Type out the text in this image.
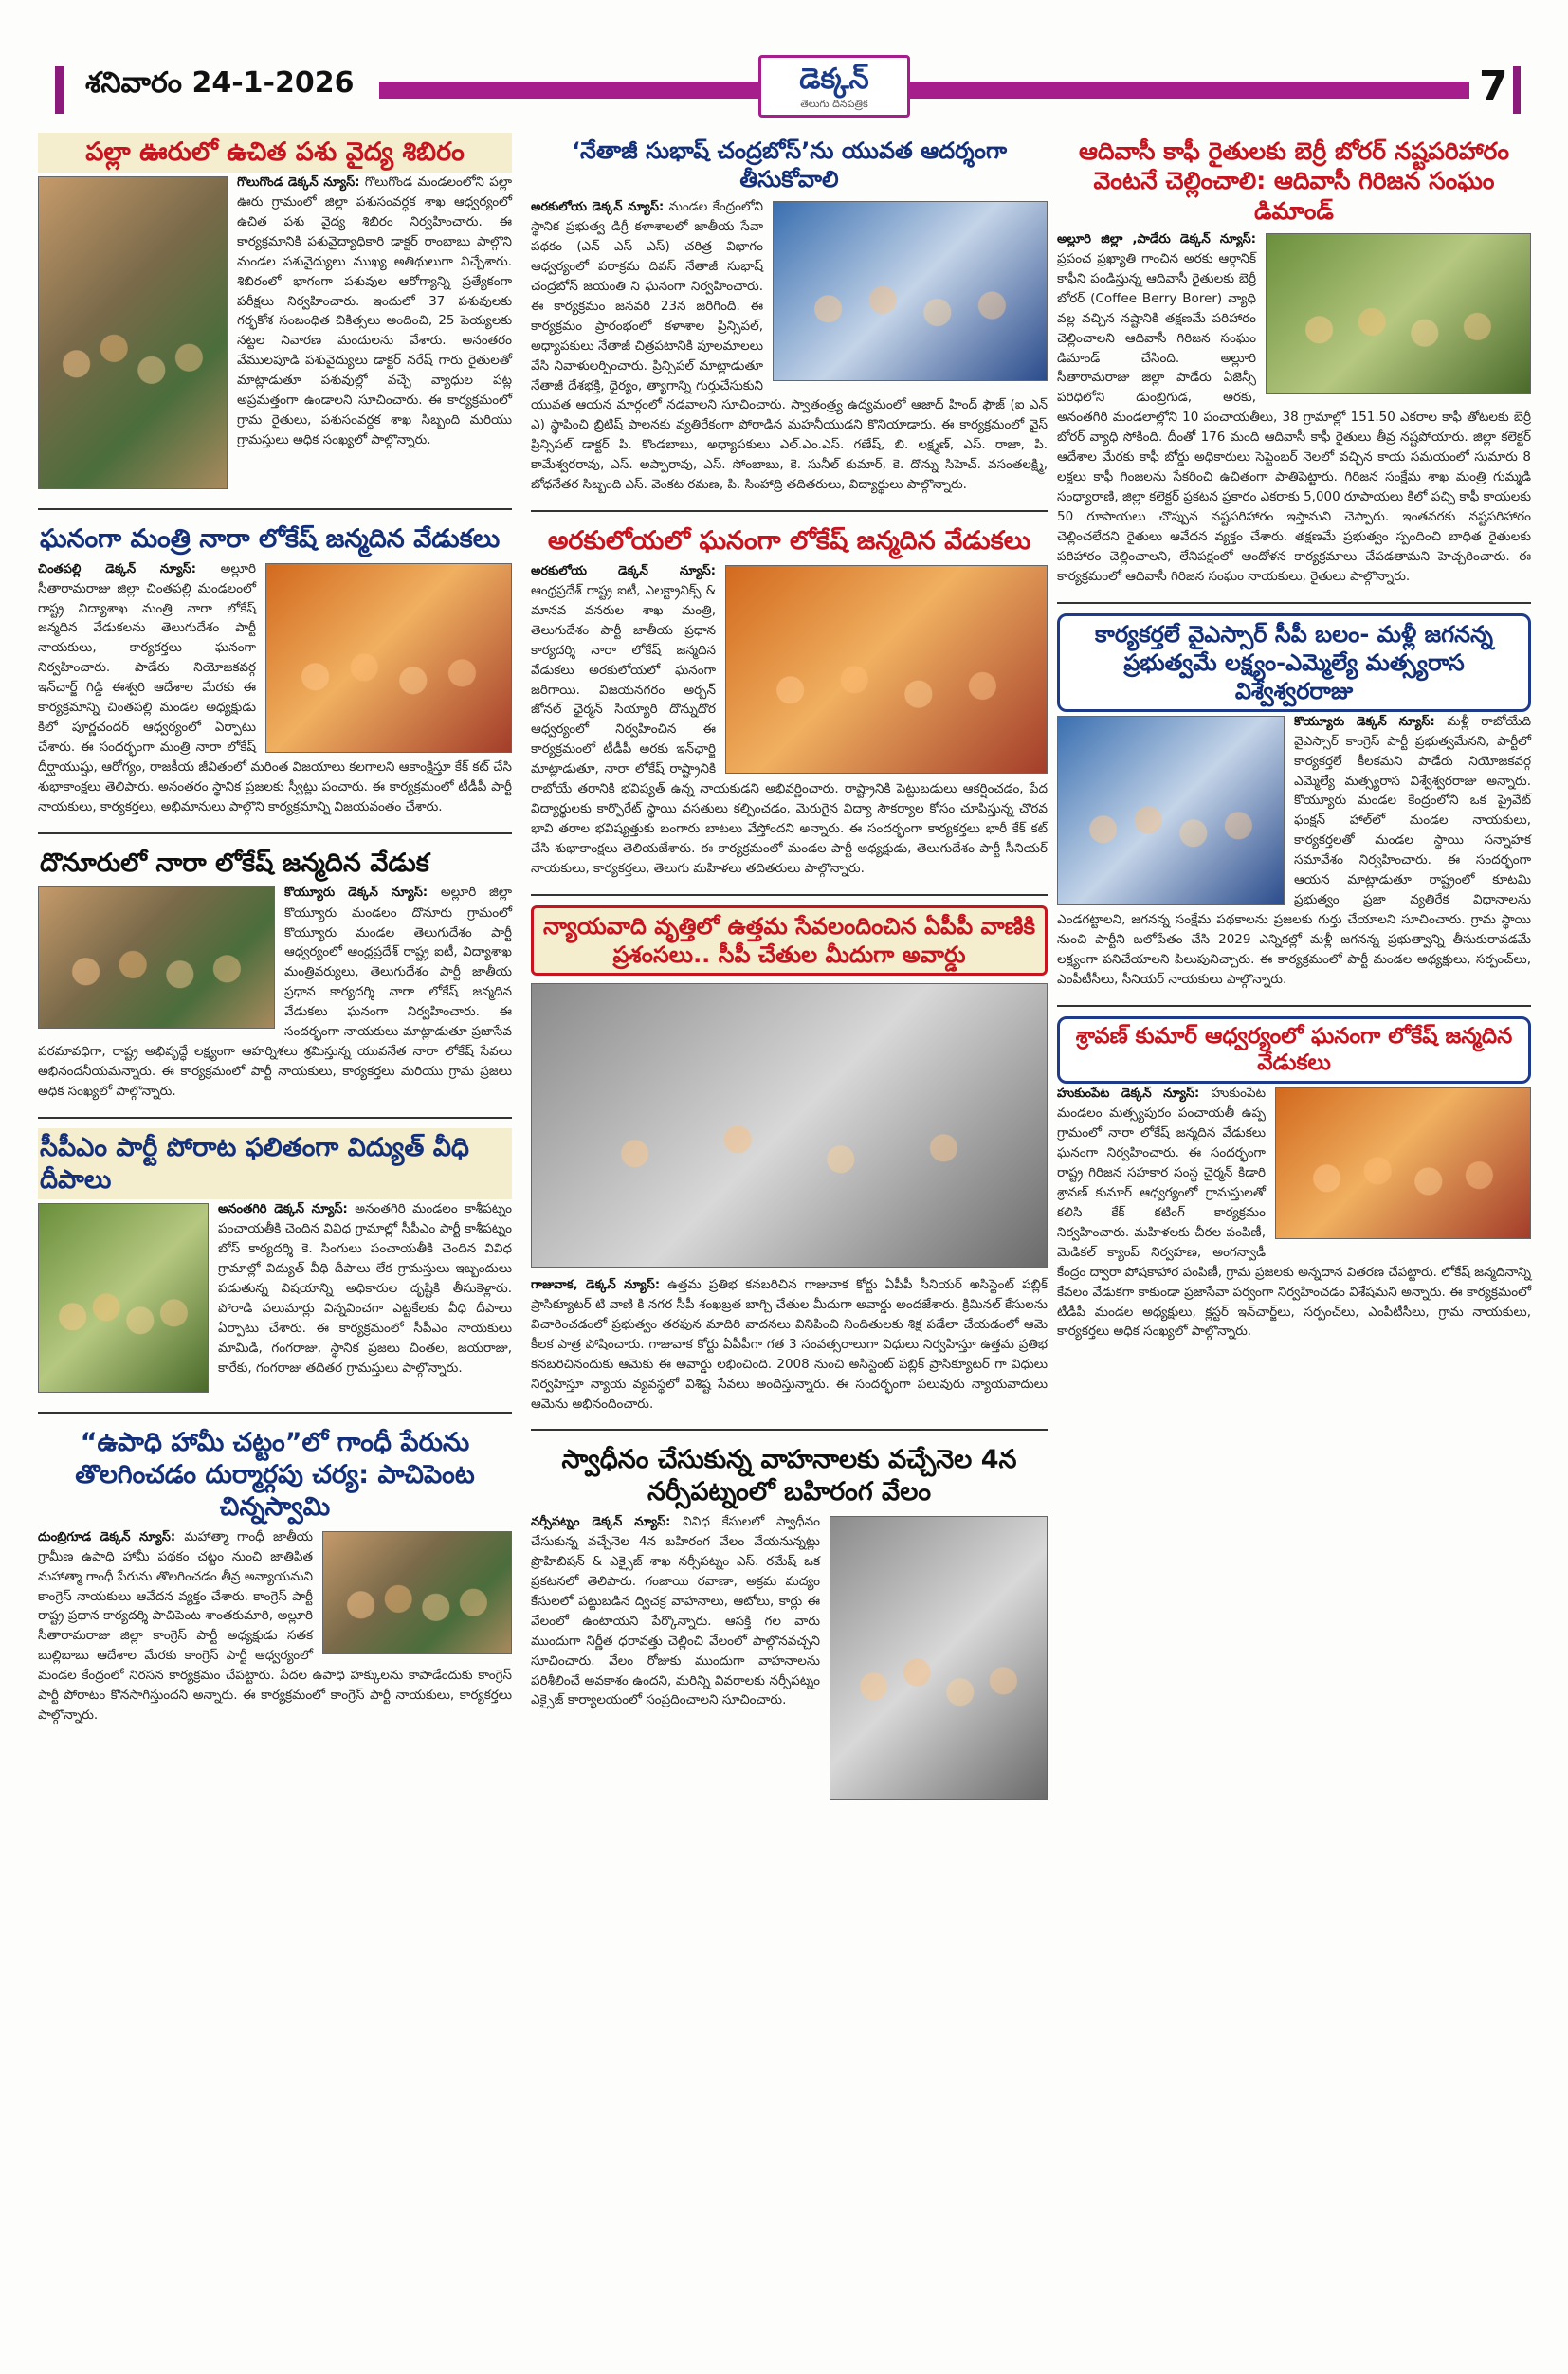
శనివారం 24-1-2026	డెక్కన్
తెలుగు దినపత్రిక	7
పల్లా ఊరులో ఉచిత పశు వైద్య శిబిరం
గొలుగొండ డెక్కన్ న్యూస్: గొలుగొండ మండలంలోని పల్లా ఊరు గ్రామంలో జిల్లా పశుసంవర్ధక శాఖ ఆధ్వర్యంలో ఉచిత పశు వైద్య శిబిరం నిర్వహించారు. ఈ కార్యక్రమానికి పశువైద్యాధికారి డాక్టర్ రాంబాబు పాల్గొని మండల పశువైద్యులు ముఖ్య అతిథులుగా విచ్చేశారు. శిబిరంలో భాగంగా పశువుల ఆరోగ్యాన్ని ప్రత్యేకంగా పరీక్షలు నిర్వహించారు. ఇందులో 37 పశువులకు గర్భకోశ సంబంధిత చికిత్సలు అందించి, 25 పెయ్యలకు నట్టల నివారణ మందులను వేశారు. అనంతరం వేములపూడి పశువైద్యులు డాక్టర్ నరేష్ గారు రైతులతో మాట్లాడుతూ పశువుల్లో వచ్చే వ్యాధుల పట్ల అప్రమత్తంగా ఉండాలని సూచించారు. ఈ కార్యక్రమంలో గ్రామ రైతులు, పశుసంవర్ధక శాఖ సిబ్బంది మరియు గ్రామస్తులు అధిక సంఖ్యలో పాల్గొన్నారు.
ఘనంగా మంత్రి నారా లోకేష్ జన్మదిన వేడుకలు
చింతపల్లి డెక్కన్ న్యూస్: అల్లూరి సీతారామరాజు జిల్లా చింతపల్లి మండలంలో రాష్ట్ర విద్యాశాఖ మంత్రి నారా లోకేష్ జన్మదిన వేడుకలను తెలుగుదేశం పార్టీ నాయకులు, కార్యకర్తలు ఘనంగా నిర్వహించారు. పాడేరు నియోజకవర్గ ఇన్‌చార్జ్ గిడ్డి ఈశ్వరి ఆదేశాల మేరకు ఈ కార్యక్రమాన్ని చింతపల్లి మండల అధ్యక్షుడు కిలో పూర్ణచందర్ ఆధ్వర్యంలో ఏర్పాటు చేశారు. ఈ సందర్భంగా మంత్రి నారా లోకేష్ దీర్ఘాయుష్షు, ఆరోగ్యం, రాజకీయ జీవితంలో మరింత విజయాలు కలగాలని ఆకాంక్షిస్తూ కేక్ కట్ చేసి శుభాకాంక్షలు తెలిపారు. అనంతరం స్థానిక ప్రజలకు స్వీట్లు పంచారు. ఈ కార్యక్రమంలో టీడీపీ పార్టీ నాయకులు, కార్యకర్తలు, అభిమానులు పాల్గొని కార్యక్రమాన్ని విజయవంతం చేశారు.
దొనూరులో నారా లోకేష్ జన్మదిన వేడుక
కొయ్యూరు డెక్కన్ న్యూస్: అల్లూరి జిల్లా కొయ్యూరు మండలం దొనూరు గ్రామంలో కొయ్యూరు మండల తెలుగుదేశం పార్టీ ఆధ్వర్యంలో ఆంధ్రప్రదేశ్ రాష్ట్ర ఐటీ, విద్యాశాఖ మంత్రివర్యులు, తెలుగుదేశం పార్టీ జాతీయ ప్రధాన కార్యదర్శి నారా లోకేష్ జన్మదిన వేడుకలు ఘనంగా నిర్వహించారు. ఈ సందర్భంగా నాయకులు మాట్లాడుతూ ప్రజాసేవ పరమావధిగా, రాష్ట్ర అభివృద్ధే లక్ష్యంగా ఆహర్నిశలు శ్రమిస్తున్న యువనేత నారా లోకేష్ సేవలు అభినందనీయమన్నారు. ఈ కార్యక్రమంలో పార్టీ నాయకులు, కార్యకర్తలు మరియు గ్రామ ప్రజలు అధిక సంఖ్యలో పాల్గొన్నారు.
సీపీఎం పార్టీ పోరాట ఫలితంగా విద్యుత్ వీధి దీపాలు
అనంతగిరి డెక్కన్ న్యూస్: అనంతగిరి మండలం కాశీపట్నం పంచాయతీకి చెందిన వివిధ గ్రామాల్లో సీపీఎం పార్టీ కాశీపట్నం బోస్ కార్యదర్శి కె. సింగులు పంచాయతీకి చెందిన వివిధ గ్రామాల్లో విద్యుత్ వీధి దీపాలు లేక గ్రామస్తులు ఇబ్బందులు పడుతున్న విషయాన్ని అధికారుల దృష్టికి తీసుకెళ్లారు. పోరాడి పలుమార్లు విన్నవించగా ఎట్టకేలకు వీధి దీపాలు ఏర్పాటు చేశారు. ఈ కార్యక్రమంలో సీపీఎం నాయకులు మామిడి, గంగరాజు, స్థానిక ప్రజలు చింతల, జయరాజు, కారేకు, గంగరాజు తదితర గ్రామస్తులు పాల్గొన్నారు.
“ఉపాధి హామీ చట్టం”లో గాంధీ పేరును తొలగించడం దుర్మార్గపు చర్య: పాచిపెంట చిన్నస్వామి
దుంబ్రిగూడ డెక్కన్ న్యూస్: మహాత్మా గాంధీ జాతీయ గ్రామీణ ఉపాధి హామీ పథకం చట్టం నుంచి జాతిపిత మహాత్మా గాంధీ పేరును తొలగించడం తీవ్ర అన్యాయమని కాంగ్రెస్ నాయకులు ఆవేదన వ్యక్తం చేశారు. కాంగ్రెస్ పార్టీ రాష్ట్ర ప్రధాన కార్యదర్శి పాచిపెంట శాంతకుమారి, అల్లూరి సీతారామరాజు జిల్లా కాంగ్రెస్ పార్టీ అధ్యక్షుడు సతక బుల్లిబాబు ఆదేశాల మేరకు కాంగ్రెస్ పార్టీ ఆధ్వర్యంలో మండల కేంద్రంలో నిరసన కార్యక్రమం చేపట్టారు. పేదల ఉపాధి హక్కులను కాపాడేందుకు కాంగ్రెస్ పార్టీ పోరాటం కొనసాగిస్తుందని అన్నారు. ఈ కార్యక్రమంలో కాంగ్రెస్ పార్టీ నాయకులు, కార్యకర్తలు పాల్గొన్నారు.
‘నేతాజీ సుభాష్ చంద్రబోస్’ను యువత ఆదర్శంగా తీసుకోవాలి
అరకులోయ డెక్కన్ న్యూస్: మండల కేంద్రంలోని స్థానిక ప్రభుత్వ డిగ్రీ కళాశాలలో జాతీయ సేవా పథకం (ఎన్ ఎస్ ఎస్) చరిత్ర విభాగం ఆధ్వర్యంలో పరాక్రమ దివస్ నేతాజీ సుభాష్ చంద్రబోస్ జయంతి ని ఘనంగా నిర్వహించారు. ఈ కార్యక్రమం జనవరి 23న జరిగింది. ఈ కార్యక్రమం ప్రారంభంలో కళాశాల ప్రిన్సిపల్, అధ్యాపకులు నేతాజీ చిత్రపటానికి పూలమాలలు వేసి నివాళులర్పించారు. ప్రిన్సిపల్ మాట్లాడుతూ నేతాజీ దేశభక్తి, ధైర్యం, త్యాగాన్ని గుర్తుచేసుకుని యువత ఆయన మార్గంలో నడవాలని సూచించారు. స్వాతంత్ర్య ఉద్యమంలో ఆజాద్ హింద్ ఫౌజ్ (ఐ ఎన్ ఎ) స్థాపించి బ్రిటిష్ పాలనకు వ్యతిరేకంగా పోరాడిన మహనీయుడని కొనియాడారు. ఈ కార్యక్రమంలో వైస్ ప్రిన్సిపల్ డాక్టర్ పి. కొండబాబు, అధ్యాపకులు ఎల్.ఎం.ఎస్. గణేష్, బి. లక్ష్మణ్, ఎస్. రాజా, పి. కామేశ్వరరావు, ఎస్. అప్పారావు, ఎస్. సోంబాబు, కె. సునీల్ కుమార్, కె. దొన్ను సిహెచ్. వసంతలక్ష్మి, బోధనేతర సిబ్బంది ఎస్. వెంకట రమణ, పి. సింహాద్రి తదితరులు, విద్యార్థులు పాల్గొన్నారు.
అరకులోయలో ఘనంగా లోకేష్ జన్మదిన వేడుకలు
అరకులోయ డెక్కన్ న్యూస్: ఆంధ్రప్రదేశ్ రాష్ట్ర ఐటీ, ఎలక్ట్రానిక్స్ & మానవ వనరుల శాఖ మంత్రి, తెలుగుదేశం పార్టీ జాతీయ ప్రధాన కార్యదర్శి నారా లోకేష్ జన్మదిన వేడుకలు అరకులోయలో ఘనంగా జరిగాయి. విజయనగరం అర్బన్ జోనల్ ఛైర్మన్ సియ్యారి దొన్నుదొర ఆధ్వర్యంలో నిర్వహించిన ఈ కార్యక్రమంలో టీడీపీ అరకు ఇన్‌ఛార్జి మాట్లాడుతూ, నారా లోకేష్ రాష్ట్రానికి రాబోయే తరానికి భవిష్యత్ ఉన్న నాయకుడని అభివర్ణించారు. రాష్ట్రానికి పెట్టుబడులు ఆకర్షించడం, పేద విద్యార్థులకు కార్పొరేట్ స్థాయి వసతులు కల్పించడం, మెరుగైన విద్యా సౌకర్యాల కోసం చూపిస్తున్న చొరవ భావి తరాల భవిష్యత్తుకు బంగారు బాటలు వేస్తోందని అన్నారు. ఈ సందర్భంగా కార్యకర్తలు భారీ కేక్ కట్ చేసి శుభాకాంక్షలు తెలియజేశారు. ఈ కార్యక్రమంలో మండల పార్టీ అధ్యక్షుడు, తెలుగుదేశం పార్టీ సీనియర్ నాయకులు, కార్యకర్తలు, తెలుగు మహిళలు తదితరులు పాల్గొన్నారు.
న్యాయవాది వృత్తిలో ఉత్తమ సేవలందించిన ఏపీపీ వాణికి ప్రశంసలు.. సీపీ చేతుల మీదుగా అవార్డు
గాజువాక, డెక్కన్ న్యూస్: ఉత్తమ ప్రతిభ కనబరిచిన గాజువాక కోర్టు ఏపీపీ సీనియర్ అసిస్టెంట్ పబ్లిక్ ప్రాసిక్యూటర్ టి వాణి కి నగర సీపీ శంఖబ్రత బాగ్చి చేతుల మీదుగా అవార్డు అందజేశారు. క్రిమినల్ కేసులను విచారించడంలో ప్రభుత్వం తరఫున మాదిరి వాదనలు వినిపించి నిందితులకు శిక్ష పడేలా చేయడంలో ఆమె కీలక పాత్ర పోషించారు. గాజువాక కోర్టు ఏపీపీగా గత 3 సంవత్సరాలుగా విధులు నిర్వహిస్తూ ఉత్తమ ప్రతిభ కనబరిచినందుకు ఆమెకు ఈ అవార్డు లభించింది. 2008 నుంచి అసిస్టెంట్ పబ్లిక్ ప్రాసిక్యూటర్ గా విధులు నిర్వహిస్తూ న్యాయ వ్యవస్థలో విశిష్ట సేవలు అందిస్తున్నారు. ఈ సందర్భంగా పలువురు న్యాయవాదులు ఆమెను అభినందించారు.
స్వాధీనం చేసుకున్న వాహనాలకు వచ్చేనెల 4న నర్సీపట్నంలో బహిరంగ వేలం
నర్సీపట్నం డెక్కన్ న్యూస్: వివిధ కేసులలో స్వాధీనం చేసుకున్న వచ్చేనెల 4న బహిరంగ వేలం వేయనున్నట్లు ప్రొహిబిషన్ & ఎక్సైజ్ శాఖ నర్సీపట్నం ఎస్. రమేష్ ఒక ప్రకటనలో తెలిపారు. గంజాయి రవాణా, అక్రమ మద్యం కేసులలో పట్టుబడిన ద్విచక్ర వాహనాలు, ఆటోలు, కార్లు ఈ వేలంలో ఉంటాయని పేర్కొన్నారు. ఆసక్తి గల వారు ముందుగా నిర్ణీత ధరావత్తు చెల్లించి వేలంలో పాల్గొనవచ్చని సూచించారు. వేలం రోజుకు ముందుగా వాహనాలను పరిశీలించే అవకాశం ఉందని, మరిన్ని వివరాలకు నర్సీపట్నం ఎక్సైజ్ కార్యాలయంలో సంప్రదించాలని సూచించారు.
ఆదివాసీ కాఫీ రైతులకు బెర్రీ బోరర్ నష్టపరిహారం వెంటనే చెల్లించాలి: ఆదివాసీ గిరిజన సంఘం డిమాండ్
అల్లూరి జిల్లా ,పాడేరు డెక్కన్ న్యూస్: ప్రపంచ ప్రఖ్యాతి గాంచిన అరకు ఆర్గానిక్ కాఫీని పండిస్తున్న ఆదివాసీ రైతులకు బెర్రీ బోరర్ (Coffee Berry Borer) వ్యాధి వల్ల వచ్చిన నష్టానికి తక్షణమే పరిహారం చెల్లించాలని ఆదివాసీ గిరిజన సంఘం డిమాండ్ చేసింది. అల్లూరి సీతారామరాజు జిల్లా పాడేరు ఏజెన్సీ పరిధిలోని డుంబ్రిగుడ, అరకు, అనంతగిరి మండలాల్లోని 10 పంచాయతీలు, 38 గ్రామాల్లో 151.50 ఎకరాల కాఫీ తోటలకు బెర్రీ బోరర్ వ్యాధి సోకింది. దీంతో 176 మంది ఆదివాసీ కాఫీ రైతులు తీవ్ర నష్టపోయారు. జిల్లా కలెక్టర్ ఆదేశాల మేరకు కాఫీ బోర్డు అధికారులు సెప్టెంబర్ నెలలో వచ్చిన కాయ సమయంలో సుమారు 8 లక్షలు కాఫీ గింజలను సేకరించి ఉచితంగా పాతిపెట్టారు. గిరిజన సంక్షేమ శాఖ మంత్రి గుమ్మడి సంధ్యారాణి, జిల్లా కలెక్టర్ ప్రకటన ప్రకారం ఎకరాకు 5,000 రూపాయలు కిలో పచ్చి కాఫీ కాయలకు 50 రూపాయలు చొప్పున నష్టపరిహారం ఇస్తామని చెప్పారు. ఇంతవరకు నష్టపరిహారం చెల్లించలేదని రైతులు ఆవేదన వ్యక్తం చేశారు. తక్షణమే ప్రభుత్వం స్పందించి బాధిత రైతులకు పరిహారం చెల్లించాలని, లేనిపక్షంలో ఆందోళన కార్యక్రమాలు చేపడతామని హెచ్చరించారు. ఈ కార్యక్రమంలో ఆదివాసీ గిరిజన సంఘం నాయకులు, రైతులు పాల్గొన్నారు.
కార్యకర్తలే వైఎస్సార్ సీపీ బలం- మళ్లీ జగనన్న ప్రభుత్వమే లక్ష్యం-ఎమ్మెల్యే మత్స్యరాస విశ్వేశ్వరరాజు
కొయ్యూరు డెక్కన్ న్యూస్: మళ్లీ రాబోయేది వైఎస్సార్ కాంగ్రెస్ పార్టీ ప్రభుత్వమేనని, పార్టీలో కార్యకర్తలే కీలకమని పాడేరు నియోజకవర్గ ఎమ్మెల్యే మత్స్యరాస విశ్వేశ్వరరాజు అన్నారు. కొయ్యూరు మండల కేంద్రంలోని ఒక ప్రైవేట్ ఫంక్షన్ హాల్‌లో మండల నాయకులు, కార్యకర్తలతో మండల స్థాయి సన్నాహక సమావేశం నిర్వహించారు. ఈ సందర్భంగా ఆయన మాట్లాడుతూ రాష్ట్రంలో కూటమి ప్రభుత్వం ప్రజా వ్యతిరేక విధానాలను ఎండగట్టాలని, జగనన్న సంక్షేమ పథకాలను ప్రజలకు గుర్తు చేయాలని సూచించారు. గ్రామ స్థాయి నుంచి పార్టీని బలోపేతం చేసి 2029 ఎన్నికల్లో మళ్లీ జగనన్న ప్రభుత్వాన్ని తీసుకురావడమే లక్ష్యంగా పనిచేయాలని పిలుపునిచ్చారు. ఈ కార్యక్రమంలో పార్టీ మండల అధ్యక్షులు, సర్పంచ్‌లు, ఎంపీటీసీలు, సీనియర్ నాయకులు పాల్గొన్నారు.
శ్రావణ్ కుమార్ ఆధ్వర్యంలో ఘనంగా లోకేష్ జన్మదిన వేడుకలు
హుకుంపేట డెక్కన్ న్యూస్: హుకుంపేట మండలం మత్స్యపురం పంచాయతీ ఉప్ప గ్రామంలో నారా లోకేష్ జన్మదిన వేడుకలు ఘనంగా నిర్వహించారు. ఈ సందర్భంగా రాష్ట్ర గిరిజన సహకార సంస్థ చైర్మన్ కిడారి శ్రావణ్ కుమార్ ఆధ్వర్యంలో గ్రామస్తులతో కలిసి కేక్ కటింగ్ కార్యక్రమం నిర్వహించారు. మహిళలకు చీరల పంపిణీ, మెడికల్ క్యాంప్ నిర్వహణ, అంగన్వాడీ కేంద్రం ద్వారా పోషకాహార పంపిణీ, గ్రామ ప్రజలకు అన్నదాన వితరణ చేపట్టారు. లోకేష్ జన్మదినాన్ని కేవలం వేడుకగా కాకుండా ప్రజాసేవా పర్వంగా నిర్వహించడం విశేషమని అన్నారు. ఈ కార్యక్రమంలో టీడీపీ మండల అధ్యక్షులు, క్లస్టర్ ఇన్‌చార్జ్‌లు, సర్పంచ్‌లు, ఎంపీటీసీలు, గ్రామ నాయకులు, కార్యకర్తలు అధిక సంఖ్యలో పాల్గొన్నారు.
